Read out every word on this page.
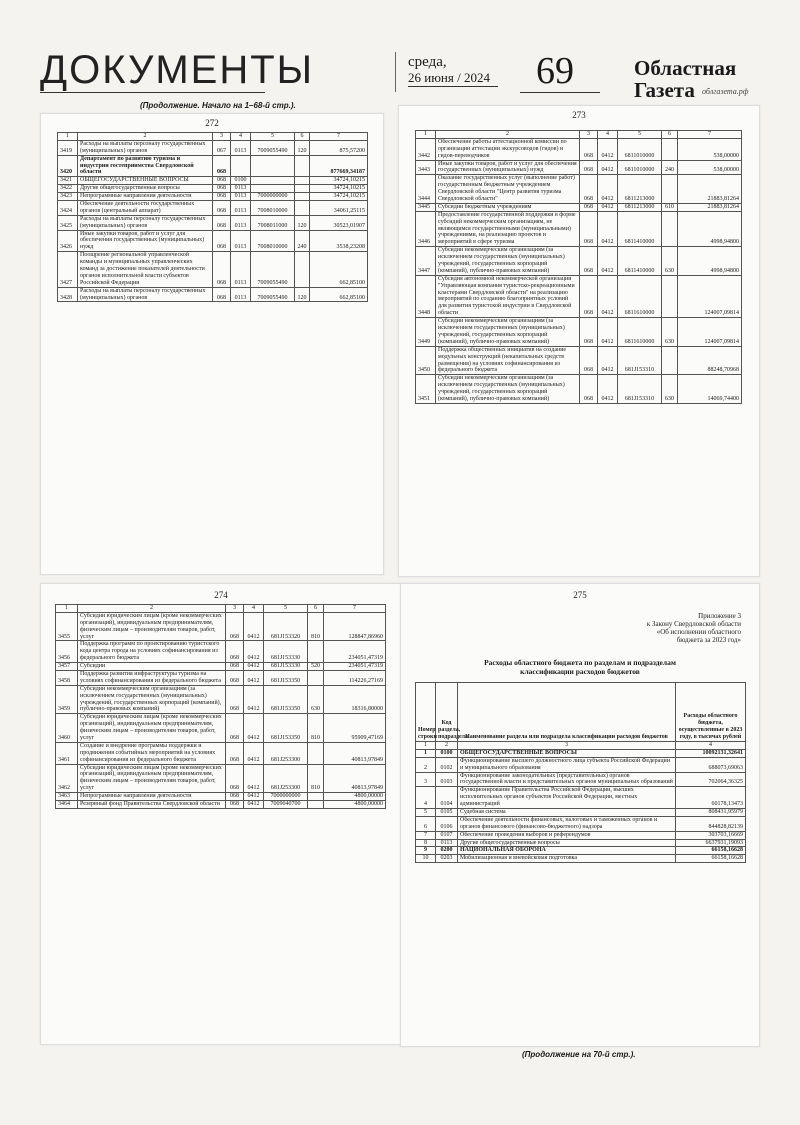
ДОКУМЕНТЫ	среда,
26 июня / 2024 69	Областная
Газета облгазета.рф
(Продолжение. Начало на 1–68-й стр.).
272
1	2	3	4	5	6	7
3419	Расходы на выплаты персоналу государственных (муниципальных) органов	067	0113	7009055490	120	875,57200
3420	Департамент по развитию туризма и индустрии гостеприимства Свердловской области	068				877669,34187
3421	ОБЩЕГОСУДАРСТВЕННЫЕ ВОПРОСЫ	068	0100			34724,10215
3422	Другие общегосударственные вопросы	068	0113			34724,10215
3423	Непрограммные направления деятельности	068	0113	7000000000		34724,10215
3424	Обеспечение деятельности государственных органов (центральный аппарат)	068	0113	7008010000		34061,25115
3425	Расходы на выплаты персоналу государственных (муниципальных) органов	068	0113	7008011000	120	30523,01907
3426	Иные закупки товаров, работ и услуг для обеспечения государственных (муниципальных) нужд	068	0113	7008010000	240	3538,23208
3427	Поощрение региональной управленческой команды и муниципальных управленческих команд за достижение показателей деятельности органов исполнительной власти субъектов Российской Федерации	068	0113	7009055490		662,85100
3428	Расходы на выплаты персоналу государственных (муниципальных) органов	068	0113	7009055490	120	662,85100
273
1	2	3	4	5	6	7
3442	Обеспечение работы аттестационной комиссии по организации аттестации экскурсоводов (гидов) и гидов-переводчиков	068	0412	6811010000		538,00000
3443	Иные закупки товаров, работ и услуг для обеспечения государственных (муниципальных) нужд	068	0412	6811010000	240	538,00000
3444	Оказание государственных услуг (выполнение работ) государственным бюджетным учреждением Свердловской области "Центр развития туризма Свердловской области"	068	0412	6811213000		21883,81264
3445	Субсидии бюджетным учреждениям	068	0412	6811213000	610	21883,81264
3446	Предоставление государственной поддержки в форме субсидий некоммерческим организациям, не являющимся государственными (муниципальными) учреждениями, на реализацию проектов и мероприятий в сфере туризма	068	0412	6811410000		4998,94800
3447	Субсидии некоммерческим организациям (за исключением государственных (муниципальных) учреждений, государственных корпораций (компаний), публично-правовых компаний)	068	0412	6811410000	630	4998,94800
3448	Субсидия автономной некоммерческой организации "Управляющая компания туристско-рекреационными кластерами Свердловской области" на реализацию мероприятий по созданию благоприятных условий для развития туристской индустрии в Свердловской области	068	0412	6811610000		124007,09814
3449	Субсидии некоммерческим организациям (за исключением государственных (муниципальных) учреждений, государственных корпораций (компаний), публично-правовых компаний)	068	0412	6811610000	630	124007,09814
3450	Поддержка общественных инициатив на создание модульных конструкций (некапитальных средств размещения) на условиях софинансирования из федерального бюджета	068	0412	681J153310		88248,70968
3451	Субсидии некоммерческим организациям (за исключением государственных (муниципальных) учреждений, государственных корпораций (компаний), публично-правовых компаний)	068	0412	681J153310	630	14069,74400
274
1	2	3	4	5	6	7
3455	Субсидии юридическим лицам (кроме некоммерческих организаций), индивидуальным предпринимателям, физическим лицам – производителям товаров, работ, услуг	068	0412	681J153320	810	128847,86960
3456	Поддержка программ по проектированию туристского кода центра города на условиях софинансирования из федерального бюджета	068	0412	681J153330		234051,47319
3457	Субсидии	068	0412	681J153330	520	234051,47319
3458	Поддержка развития инфраструктуры туризма на условиях софинансирования из федерального бюджета	068	0412	681J153350		114226,27169
3459	Субсидии некоммерческим организациям (за исключением государственных (муниципальных) учреждений, государственных корпораций (компаний), публично-правовых компаний)	068	0412	681J153350	630	18316,80000
3460	Субсидии юридическим лицам (кроме некоммерческих организаций), индивидуальным предпринимателям, физическим лицам – производителям товаров, работ, услуг	068	0412	681J153350	810	95909,47169
3461	Создание и внедрение программы поддержки и продвижения событийных мероприятий на условиях софинансирования из федерального бюджета	068	0412	681J253300		40813,97849
3462	Субсидии юридическим лицам (кроме некоммерческих организаций), индивидуальным предпринимателям, физическим лицам – производителям товаров, работ, услуг	068	0412	681J253300	810	40813,97849
3463	Непрограммные направления деятельности	068	0412	7000000000		4800,00000
3464	Резервный фонд Правительства Свердловской области	068	0412	7009040700		4800,00000
275
Приложение 3
к Закону Свердловской области
«Об исполнении областного
бюджета за 2023 год»
Расходы областного бюджета по разделам и подразделам
классификации расходов бюджетов
Номер строки	Код раздела, подраздела	Наименование раздела или подраздела классификации расходов бюджетов	Расходы областного бюджета, осуществленные в 2023 году, в тысячах рублей
1	2	3	4
1	0100	ОБЩЕГОСУДАРСТВЕННЫЕ ВОПРОСЫ	10092131,32641
2	0102	Функционирование высшего должностного лица субъекта Российской Федерации и муниципального образования	688073,69063
3	0103	Функционирование законодательных (представительных) органов государственной власти и представительных органов муниципальных образований	702064,36325
4	0104	Функционирование Правительства Российской Федерации, высших исполнительных органов субъектов Российской Федерации, местных администраций	60178,13473
5	0105	Судебная система	808431,95979
6	0106	Обеспечение деятельности финансовых, налоговых и таможенных органов и органов финансового (финансово-бюджетного) надзора	844828,82139
7	0107	Обеспечение проведения выборов и референдумов	303703,16669
8	0113	Другие общегосударственные вопросы	6637931,19093
9	0200	НАЦИОНАЛЬНАЯ ОБОРОНА	66158,16628
10	0203	Мобилизационная и вневойсковая подготовка	66158,16628
(Продолжение на 70-й стр.).
